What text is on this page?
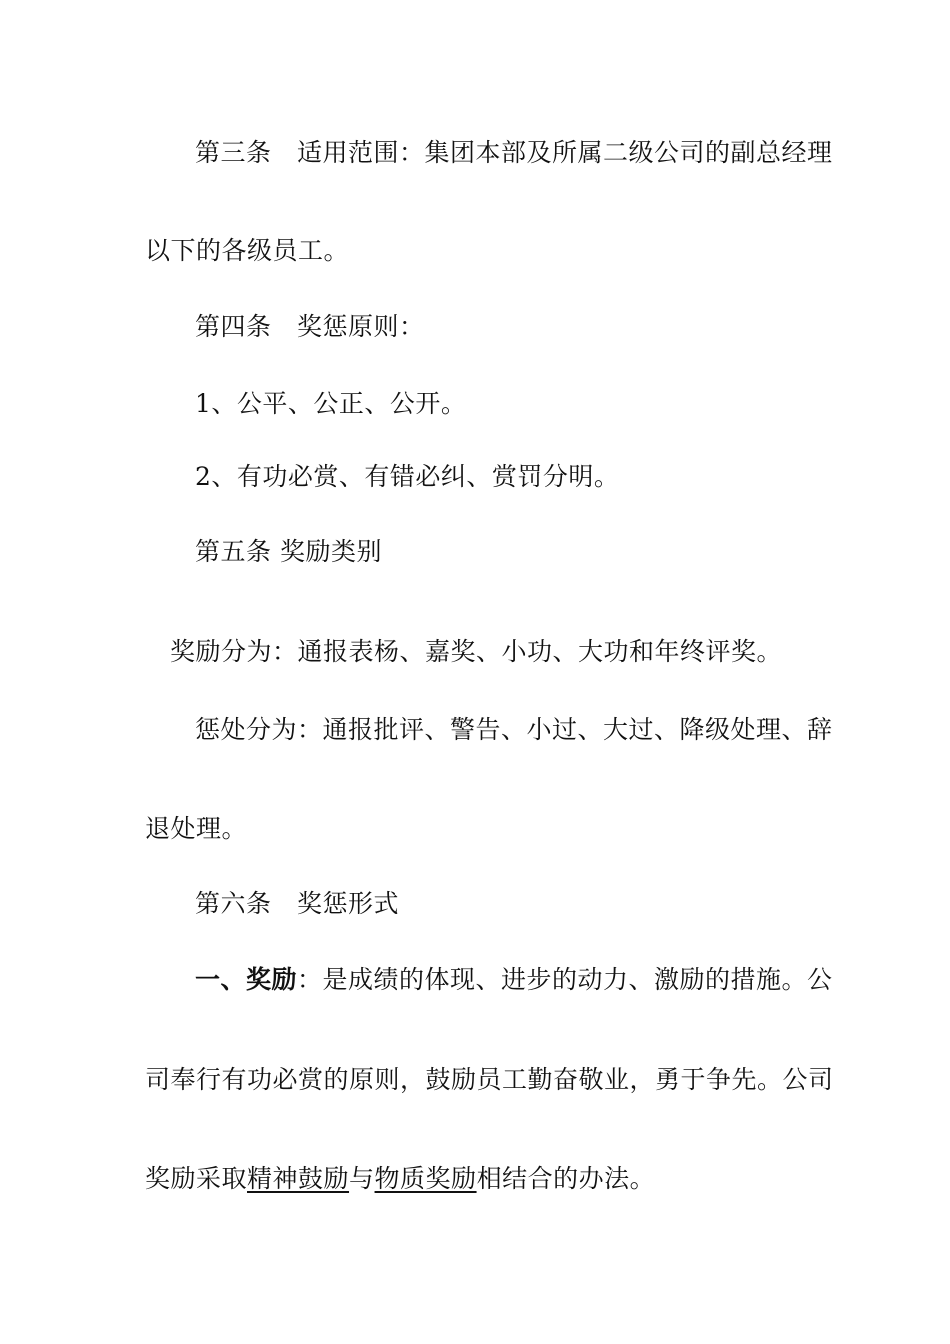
第三条　适用范围：集团本部及所属二级公司的副总经理
以下的各级员工。
第四条　奖惩原则：
1、公平、公正、公开。
2、有功必赏、有错必纠、赏罚分明。
第五条 奖励类别
奖励分为：通报表杨、嘉奖、小功、大功和年终评奖。
惩处分为：通报批评、警告、小过、大过、降级处理、辞
退处理。
第六条　奖惩形式
一、奖励：是成绩的体现、进步的动力、激励的措施。公
司奉行有功必赏的原则，鼓励员工勤奋敬业，勇于争先。公司
奖励采取精神鼓励与物质奖励相结合的办法。
